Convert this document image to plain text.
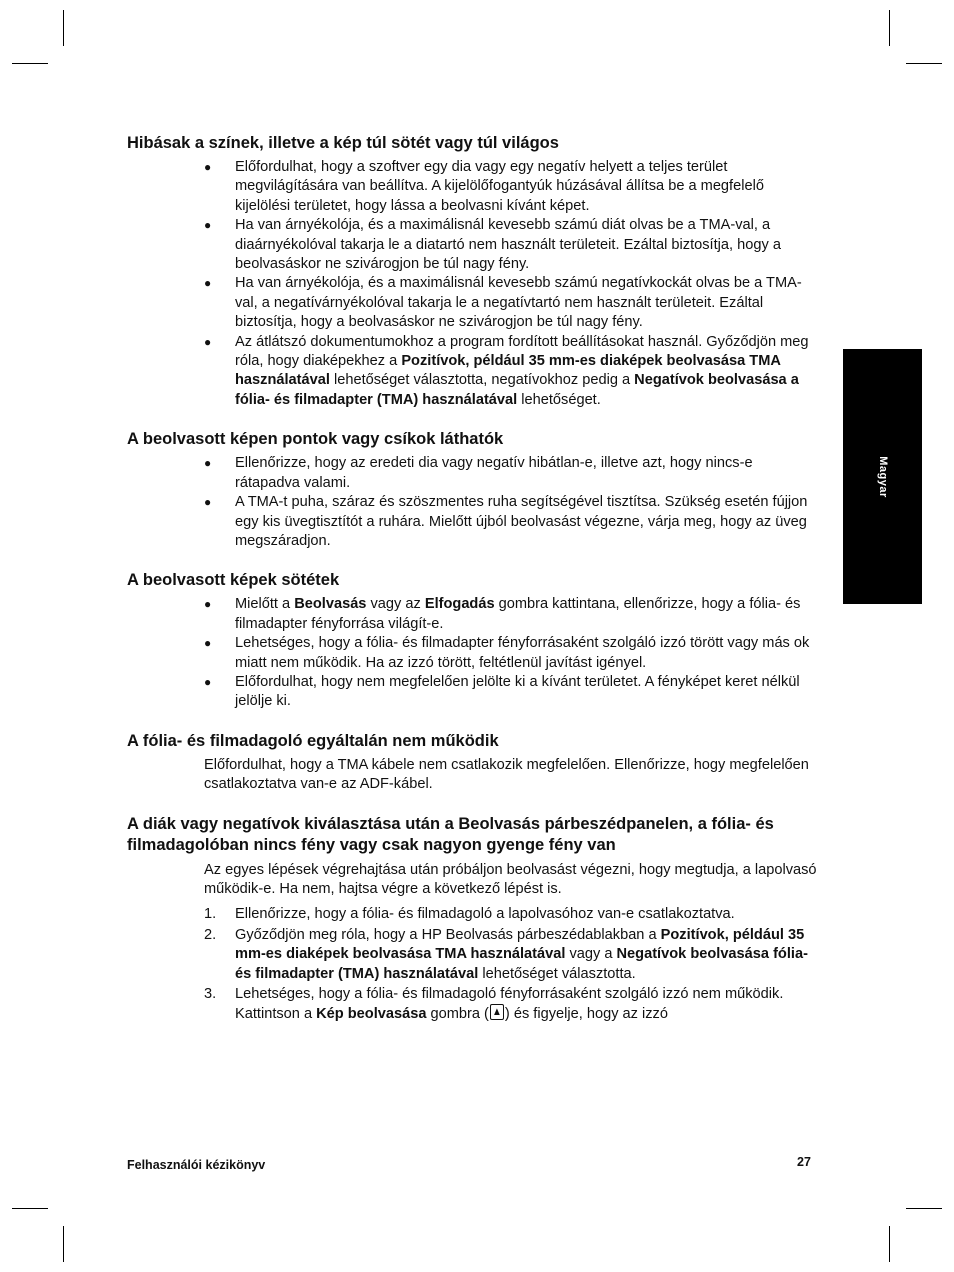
Magyar
Hibásak a színek, illetve a kép túl sötét vagy túl világos
● Előfordulhat, hogy a szoftver egy dia vagy egy negatív helyett a teljes terület megvilágítására van beállítva. A kijelölőfogantyúk húzásával állítsa be a megfelelő kijelölési területet, hogy lássa a beolvasni kívánt képet.
● Ha van árnyékolója, és a maximálisnál kevesebb számú diát olvas be a TMA-val, a diaárnyékolóval takarja le a diatartó nem használt területeit. Ezáltal biztosítja, hogy a beolvasáskor ne szivárogjon be túl nagy fény.
● Ha van árnyékolója, és a maximálisnál kevesebb számú negatívkockát olvas be a TMA-val, a negatívárnyékolóval takarja le a negatívtartó nem használt területeit. Ezáltal biztosítja, hogy a beolvasáskor ne szivárogjon be túl nagy fény.
● Az átlátszó dokumentumokhoz a program fordított beállításokat használ. Győződjön meg róla, hogy diaképekhez a Pozitívok, például 35 mm-es diaképek beolvasása TMA használatával lehetőséget választotta, negatívokhoz pedig a Negatívok beolvasása a fólia- és filmadapter (TMA) használatával lehetőséget.
A beolvasott képen pontok vagy csíkok láthatók
● Ellenőrizze, hogy az eredeti dia vagy negatív hibátlan-e, illetve azt, hogy nincs-e rátapadva valami.
● A TMA-t puha, száraz és szöszmentes ruha segítségével tisztítsa. Szükség esetén fújjon egy kis üvegtisztítót a ruhára. Mielőtt újból beolvasást végezne, várja meg, hogy az üveg megszáradjon.
A beolvasott képek sötétek
● Mielőtt a Beolvasás vagy az Elfogadás gombra kattintana, ellenőrizze, hogy a fólia- és filmadapter fényforrása világít-e.
● Lehetséges, hogy a fólia- és filmadapter fényforrásaként szolgáló izzó törött vagy más ok miatt nem működik. Ha az izzó törött, feltétlenül javítást igényel.
● Előfordulhat, hogy nem megfelelően jelölte ki a kívánt területet. A fényképet keret nélkül jelölje ki.
A fólia- és filmadagoló egyáltalán nem működik

Előfordulhat, hogy a TMA kábele nem csatlakozik megfelelően. Ellenőrizze, hogy megfelelően csatlakoztatva van-e az ADF-kábel.

A diák vagy negatívok kiválasztása után a Beolvasás párbeszédpanelen, a fólia- és filmadagolóban nincs fény vagy csak nagyon gyenge fény van

Az egyes lépések végrehajtása után próbáljon beolvasást végezni, hogy megtudja, a lapolvasó működik-e. Ha nem, hajtsa végre a következő lépést is.

1. Ellenőrizze, hogy a fólia- és filmadagoló a lapolvasóhoz van-e csatlakoztatva.
2. Győződjön meg róla, hogy a HP Beolvasás párbeszédablakban a Pozitívok, például 35 mm-es diaképek beolvasása TMA használatával vagy a Negatívok beolvasása fólia- és filmadapter (TMA) használatával lehetőséget választotta.
3. Lehetséges, hogy a fólia- és filmadagoló fényforrásaként szolgáló izzó nem működik. Kattintson a Kép beolvasása gombra ( ) és figyelje, hogy az izzó
Felhasználói kézikönyv	27
